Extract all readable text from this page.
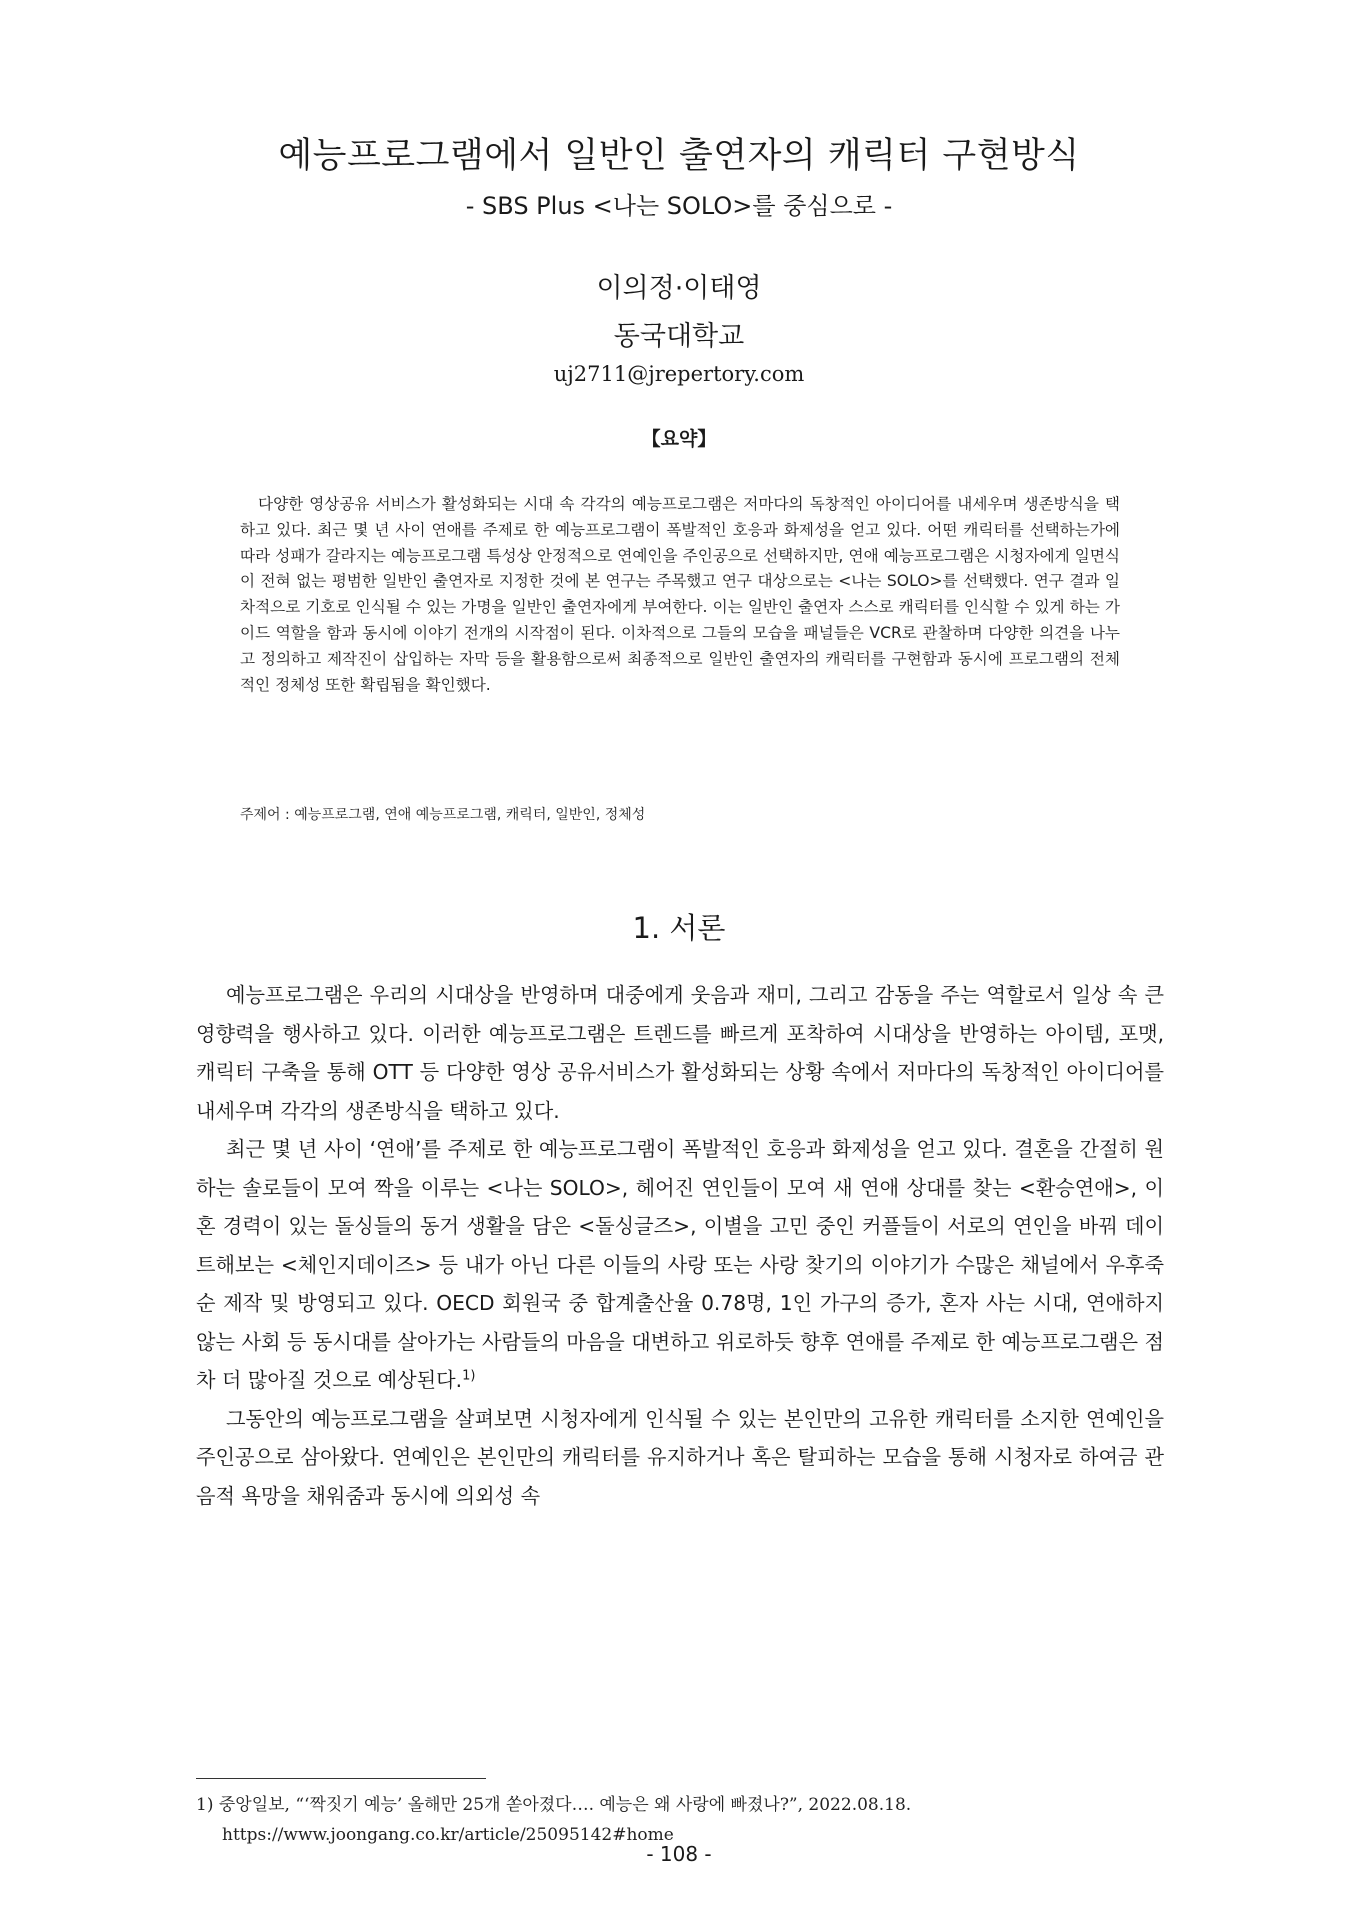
예능프로그램에서 일반인 출연자의 캐릭터 구현방식
- SBS Plus <나는 SOLO>를 중심으로 -
이의정·이태영
동국대학교
uj2711@jrepertory.com
【요약】

다양한 영상공유 서비스가 활성화되는 시대 속 각각의 예능프로그램은 저마다의 독창적인 아이디어를 내세우며 생존방식을 택하고 있다. 최근 몇 년 사이 연애를 주제로 한 예능프로그램이 폭발적인 호응과 화제성을 얻고 있다. 어떤 캐릭터를 선택하는가에 따라 성패가 갈라지는 예능프로그램 특성상 안정적으로 연예인을 주인공으로 선택하지만, 연애 예능프로그램은 시청자에게 일면식이 전혀 없는 평범한 일반인 출연자로 지정한 것에 본 연구는 주목했고 연구 대상으로는 <나는 SOLO>를 선택했다. 연구 결과 일차적으로 기호로 인식될 수 있는 가명을 일반인 출연자에게 부여한다. 이는 일반인 출연자 스스로 캐릭터를 인식할 수 있게 하는 가이드 역할을 함과 동시에 이야기 전개의 시작점이 된다. 이차적으로 그들의 모습을 패널들은 VCR로 관찰하며 다양한 의견을 나누고 정의하고 제작진이 삽입하는 자막 등을 활용함으로써 최종적으로 일반인 출연자의 캐릭터를 구현함과 동시에 프로그램의 전체적인 정체성 또한 확립됨을 확인했다.

주제어 : 예능프로그램, 연애 예능프로그램, 캐릭터, 일반인, 정체성
1. 서론

예능프로그램은 우리의 시대상을 반영하며 대중에게 웃음과 재미, 그리고 감동을 주는 역할로서 일상 속 큰 영향력을 행사하고 있다. 이러한 예능프로그램은 트렌드를 빠르게 포착하여 시대상을 반영하는 아이템, 포맷, 캐릭터 구축을 통해 OTT 등 다양한 영상 공유서비스가 활성화되는 상황 속에서 저마다의 독창적인 아이디어를 내세우며 각각의 생존방식을 택하고 있다.

최근 몇 년 사이 ‘연애’를 주제로 한 예능프로그램이 폭발적인 호응과 화제성을 얻고 있다. 결혼을 간절히 원하는 솔로들이 모여 짝을 이루는 <나는 SOLO>, 헤어진 연인들이 모여 새 연애 상대를 찾는 <환승연애>, 이혼 경력이 있는 돌싱들의 동거 생활을 담은 <돌싱글즈>, 이별을 고민 중인 커플들이 서로의 연인을 바꿔 데이트해보는 <체인지데이즈> 등 내가 아닌 다른 이들의 사랑 또는 사랑 찾기의 이야기가 수많은 채널에서 우후죽순 제작 및 방영되고 있다. OECD 회원국 중 합계출산율 0.78명, 1인 가구의 증가, 혼자 사는 시대, 연애하지 않는 사회 등 동시대를 살아가는 사람들의 마음을 대변하고 위로하듯 향후 연애를 주제로 한 예능프로그램은 점차 더 많아질 것으로 예상된다.$^{1)}$

그동안의 예능프로그램을 살펴보면 시청자에게 인식될 수 있는 본인만의 고유한 캐릭터를 소지한 연예인을 주인공으로 삼아왔다. 연예인은 본인만의 캐릭터를 유지하거나 혹은 탈피하는 모습을 통해 시청자로 하여금 관음적 욕망을 채워줌과 동시에 의외성 속

1) 중앙일보, “‘짝짓기 예능’ 올해만 25개 쏟아졌다…. 예능은 왜 사랑에 빠졌나?”, 2022.08.18.
https://www.joongang.co.kr/article/25095142#home
- 108 -
